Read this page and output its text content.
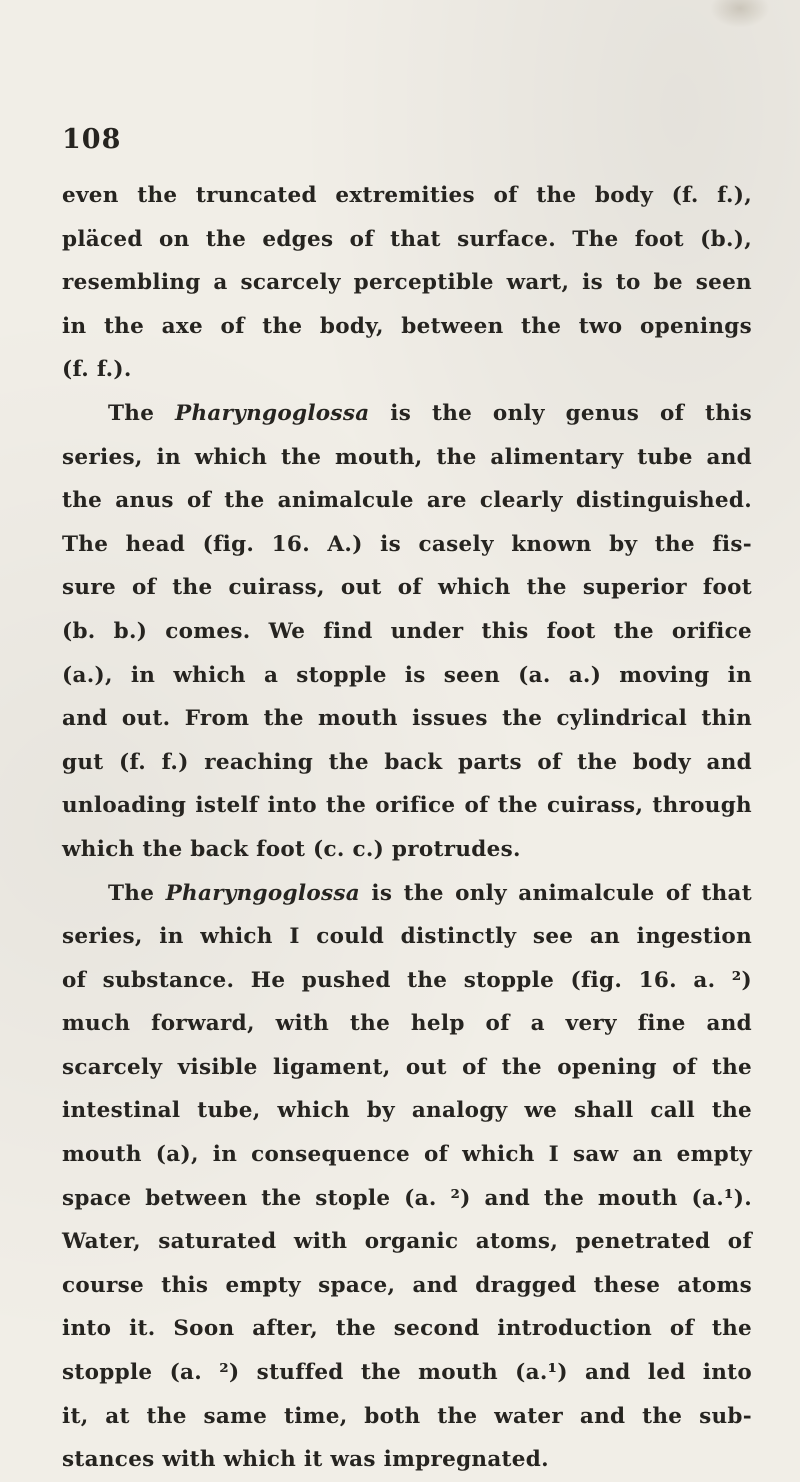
108
even the truncated extremities of the body (f. f.),
pläced on the edges of that surface. The foot (b.),
resembling a scarcely perceptible wart, is to be seen
in the axe of the body, between the two openings
(f. f.).
The Pharyngoglossa is the only genus of this
series, in which the mouth, the alimentary tube and
the anus of the animalcule are clearly distinguished.
The head (fig. 16. A.) is casely known by the fis-
sure of the cuirass, out of which the superior foot
(b. b.) comes. We find under this foot the orifice
(a.), in which a stopple is seen (a. a.) moving in
and out. From the mouth issues the cylindrical thin
gut (f. f.) reaching the back parts of the body and
unloading istelf into the orifice of the cuirass, through
which the back foot (c. c.) protrudes.
The Pharyngoglossa is the only animalcule of that
series, in which I could distinctly see an ingestion
of substance. He pushed the stopple (fig. 16. a. ²)
much forward, with the help of a very fine and
scarcely visible ligament, out of the opening of the
intestinal tube, which by analogy we shall call the
mouth (a), in consequence of which I saw an empty
space between the stople (a. ²) and the mouth (a.¹).
Water, saturated with organic atoms, penetrated of
course this empty space, and dragged these atoms
into it. Soon after, the second introduction of the
stopple (a. ²) stuffed the mouth (a.¹) and led into
it, at the same time, both the water and the sub-
stances with which it was impregnated.
